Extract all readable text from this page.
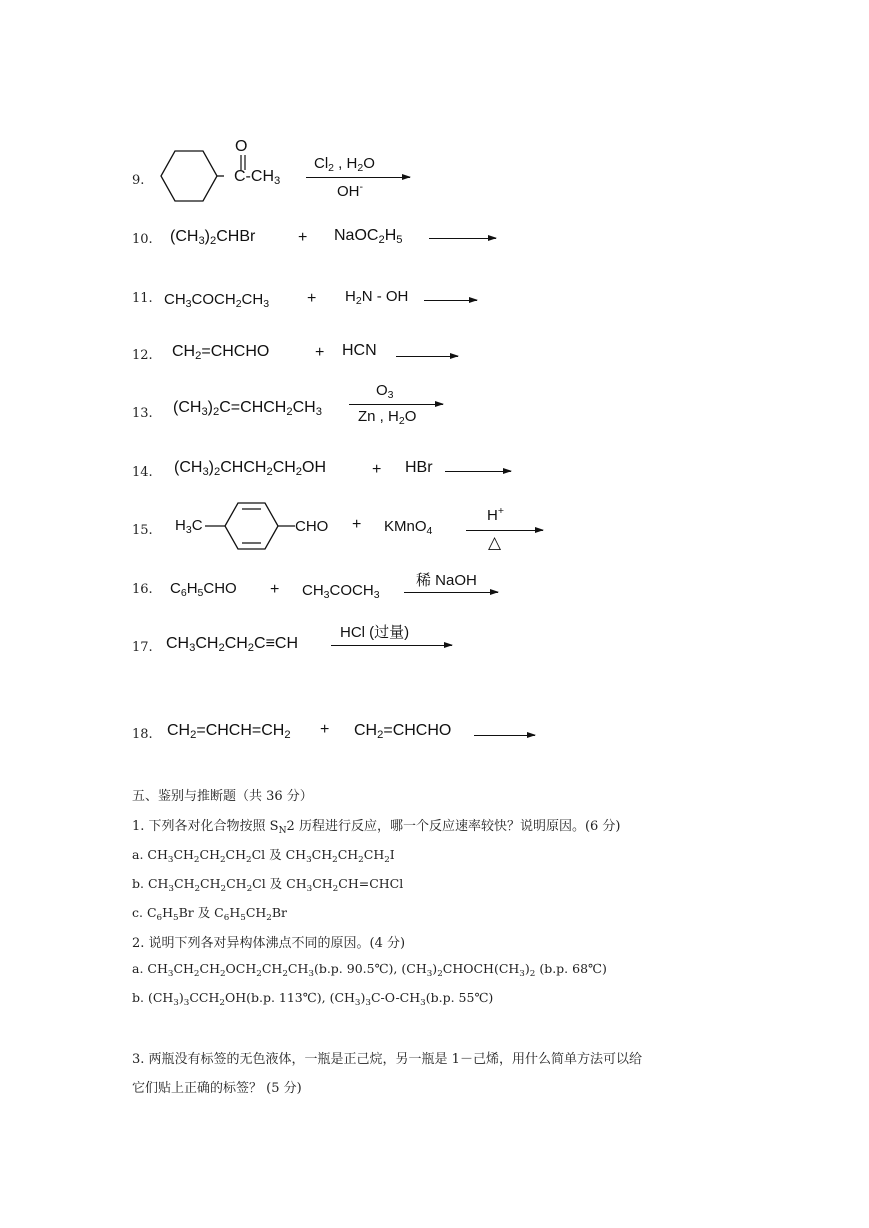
9.
O
$C-CH_3$
$Cl_2$ , $H_2O$
OH-
10. $(CH_3)_2CHBr$	+ $NaOC_2H_5$
11. $CH_3COCH_2CH_3 + H_2N$ - OH →
12. $CH_2=CHCHO$	+ HCN →
13. $(CH_3)_2C=CHCH_2CH_3$
$O_3$
Zn , $H_2O$
14. $(CH_3)_2CHCH_2CH_2OH$	+ HBr
15. $H_3C$	CHO + KMnO$_4$
H+
△
16. $C_6H_5CHO$ + $CH_3COCH_3$
稀 NaOH
17. $CH_3CH_2CH_2C\equiv CH$
HCl (过量)
18. $CH_2=CHCH=CH_2$ + $CH_2=CHCHO$ →
五、鉴别与推断题（共 36 分）
1. 下列各对化合物按照 $S_N2$ 历程进行反应，哪一个反应速率较快？说明原因。(6 分)
a. $CH_3CH_2CH_2CH_2Cl$ 及 $CH_3CH_2CH_2CH_2I$
b. $CH_3CH_2CH_2CH_2Cl$ 及 $CH_3CH_2CH=CHCl$
c. $C_6H_5Br$ 及 $C_6H_5CH_2Br$
2. 说明下列各对异构体沸点不同的原因。(4 分)
a. $CH_3CH_2CH_2OCH_2CH_2CH_3(b.p$. 90.5℃), $(CH_3)_2CHOCH(CH_3)_2$ (b.p. 68℃)
b. $(CH_3)_3CCH_2OH(b.p$. 113℃), $(CH_3)_3C-O-CH_3(b.p$. 55℃)
3. 两瓶没有标签的无色液体，一瓶是正己烷，另一瓶是 1－己烯，用什么简单方法可以给
它们贴上正确的标签？ (5 分)
